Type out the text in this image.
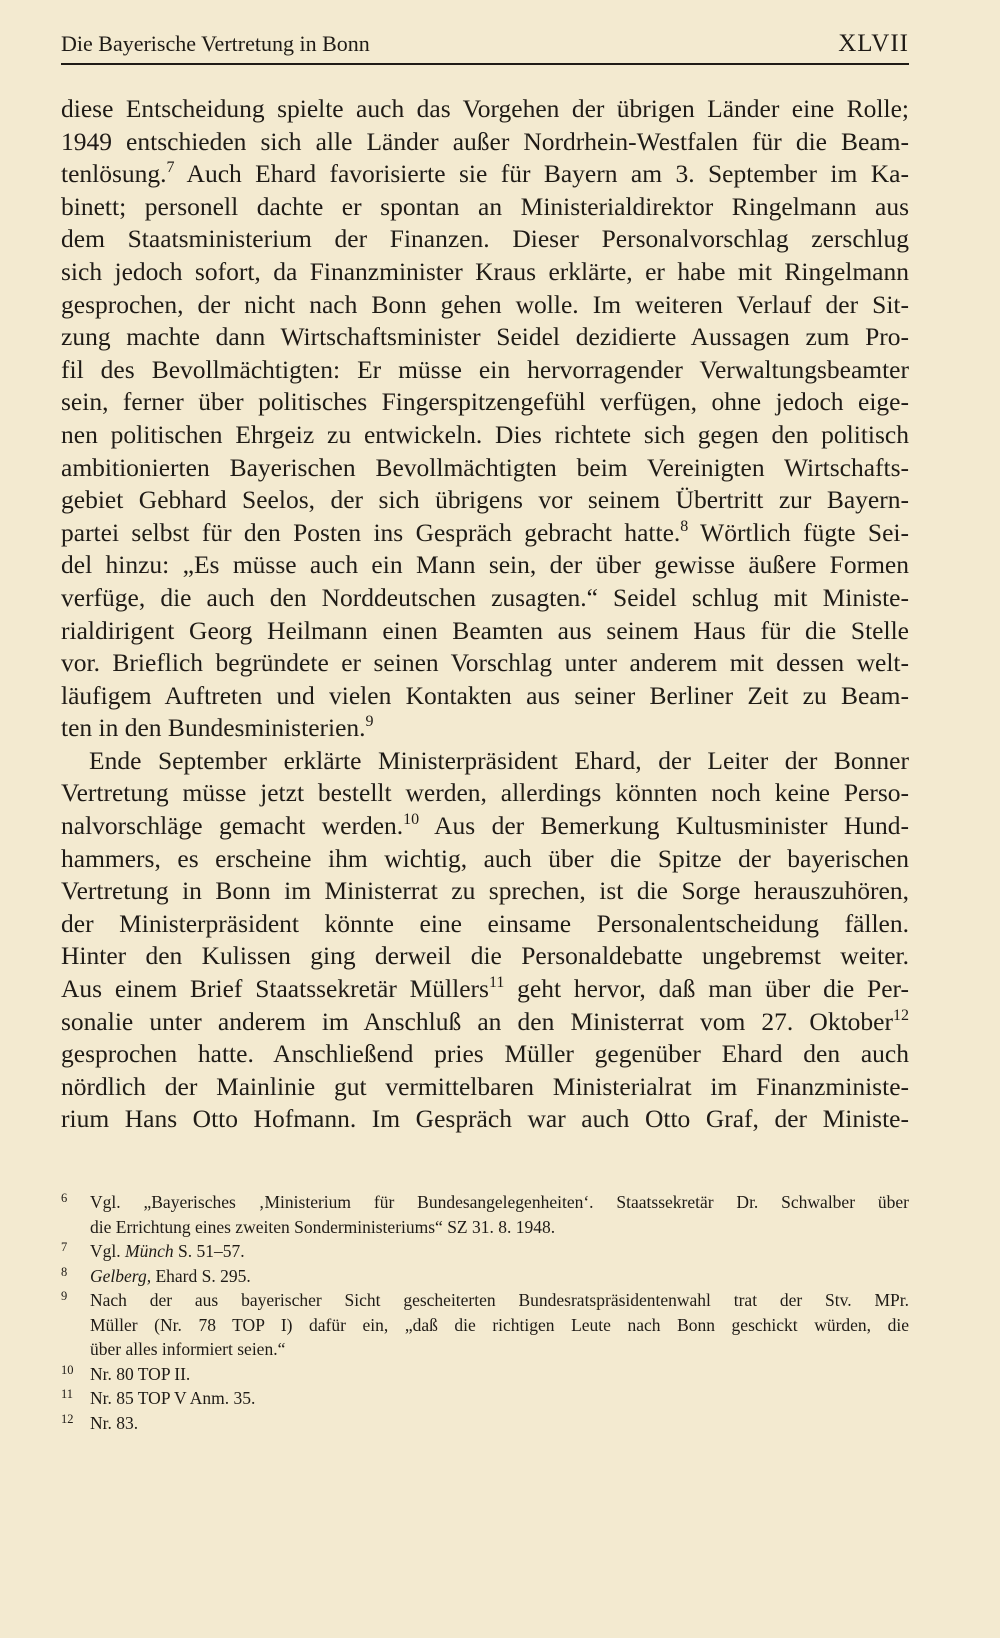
Die Bayerische Vertretung in Bonn	XLVII
diese Entscheidung spielte auch das Vorgehen der übrigen Länder eine Rolle;
1949 entschieden sich alle Länder außer Nordrhein-Westfalen für die Beam-
tenlösung.$^7$ Auch Ehard favorisierte sie für Bayern am 3. September im Ka-
binett; personell dachte er spontan an Ministerialdirektor Ringelmann aus
dem Staatsministerium der Finanzen. Dieser Personalvorschlag zerschlug
sich jedoch sofort, da Finanzminister Kraus erklärte, er habe mit Ringelmann
gesprochen, der nicht nach Bonn gehen wolle. Im weiteren Verlauf der Sit-
zung machte dann Wirtschaftsminister Seidel dezidierte Aussagen zum Pro-
fil des Bevollmächtigten: Er müsse ein hervorragender Verwaltungsbeamter
sein, ferner über politisches Fingerspitzengefühl verfügen, ohne jedoch eige-
nen politischen Ehrgeiz zu entwickeln. Dies richtete sich gegen den politisch
ambitionierten Bayerischen Bevollmächtigten beim Vereinigten Wirtschafts-
gebiet Gebhard Seelos, der sich übrigens vor seinem Übertritt zur Bayern-
partei selbst für den Posten ins Gespräch gebracht hatte.$^8$ Wörtlich fügte Sei-
del hinzu: „Es müsse auch ein Mann sein, der über gewisse äußere Formen
verfüge, die auch den Norddeutschen zusagten.“ Seidel schlug mit Ministe-
rialdirigent Georg Heilmann einen Beamten aus seinem Haus für die Stelle
vor. Brieflich begründete er seinen Vorschlag unter anderem mit dessen welt-
läufigem Auftreten und vielen Kontakten aus seiner Berliner Zeit zu Beam-
ten in den Bundesministerien.$^9$
Ende September erklärte Ministerpräsident Ehard, der Leiter der Bonner
Vertretung müsse jetzt bestellt werden, allerdings könnten noch keine Perso-
nalvorschläge gemacht werden.$^{10}$ Aus der Bemerkung Kultusminister Hund-
hammers, es erscheine ihm wichtig, auch über die Spitze der bayerischen
Vertretung in Bonn im Ministerrat zu sprechen, ist die Sorge herauszuhören,
der Ministerpräsident könnte eine einsame Personalentscheidung fällen.
Hinter den Kulissen ging derweil die Personaldebatte ungebremst weiter.
Aus einem Brief Staatssekretär Müllers$^{11}$ geht hervor, daß man über die Per-
sonalie unter anderem im Anschluß an den Ministerrat vom 27. Oktober$^{12}$
gesprochen hatte. Anschließend pries Müller gegenüber Ehard den auch
nördlich der Mainlinie gut vermittelbaren Ministerialrat im Finanzministe-
rium Hans Otto Hofmann. Im Gespräch war auch Otto Graf, der Ministe-
6	Vgl. „Bayerisches ‚Ministerium für Bundesangelegenheiten‘. Staatssekretär Dr. Schwalber über
die Errichtung eines zweiten Sonderministeriums“ SZ 31. 8. 1948.
7	Vgl. Münch S. 51–57.
8	Gelberg, Ehard S. 295.
9	Nach der aus bayerischer Sicht gescheiterten Bundesratspräsidentenwahl trat der Stv. MPr.
Müller (Nr. 78 TOP I) dafür ein, „daß die richtigen Leute nach Bonn geschickt würden, die
über alles informiert seien.“
10 Nr. 80 TOP II.
11 Nr. 85 TOP V Anm. 35.
12 Nr. 83.
